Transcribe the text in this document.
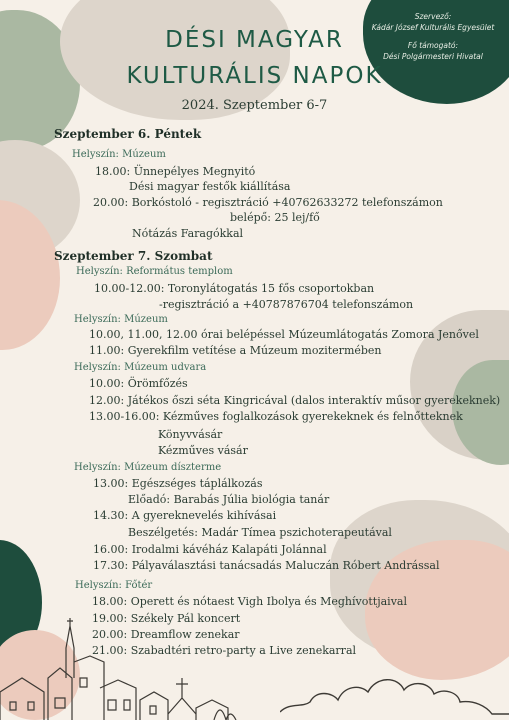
Szervező:
Kádár József Kulturális Egyesület
Fő támogató:
Dési Polgármesteri Hivatal
DÉSI MAGYAR
KULTURÁLIS NAPOK
2024. Szeptember 6-7
Szeptember 6. Péntek
Helyszín: Múzeum
18.00: Ünnepélyes Megnyitó
Dési magyar festők kiállítása
20.00: Borkóstoló - regisztráció +40762633272 telefonszámon
belépő: 25 lej/fő
Nótázás Faragókkal
Szeptember 7. Szombat
Helyszín: Református templom
10.00-12.00: Toronylátogatás 15 fős csoportokban
-regisztráció a +40787876704 telefonszámon
Helyszín: Múzeum
10.00, 11.00, 12.00 órai belépéssel Múzeumlátogatás Zomora Jenővel
11.00: Gyerekfilm vetítése a Múzeum mozitermében
Helyszín: Múzeum udvara
10.00: Örömfőzés
12.00: Játékos őszi séta Kingricával (dalos interaktív műsor gyerekeknek)
13.00-16.00: Kézműves foglalkozások gyerekeknek és felnőtteknek
Könyvvásár
Kézműves vásár
Helyszín: Múzeum díszterme
13.00: Egészséges táplálkozás
Előadó: Barabás Júlia biológia tanár
14.30: A gyereknevelés kihívásai
Beszélgetés: Madár Tímea pszichoterapeutával
16.00: Irodalmi kávéház Kalapáti Jolánnal
17.30: Pályaválasztási tanácsadás Maluczán Róbert Andrással
Helyszín: Főtér
18.00: Operett és nótaest Vigh Ibolya és Meghívottjaival
19.00: Székely Pál koncert
20.00: Dreamflow zenekar
21.00: Szabadtéri retro-party a Live zenekarral
